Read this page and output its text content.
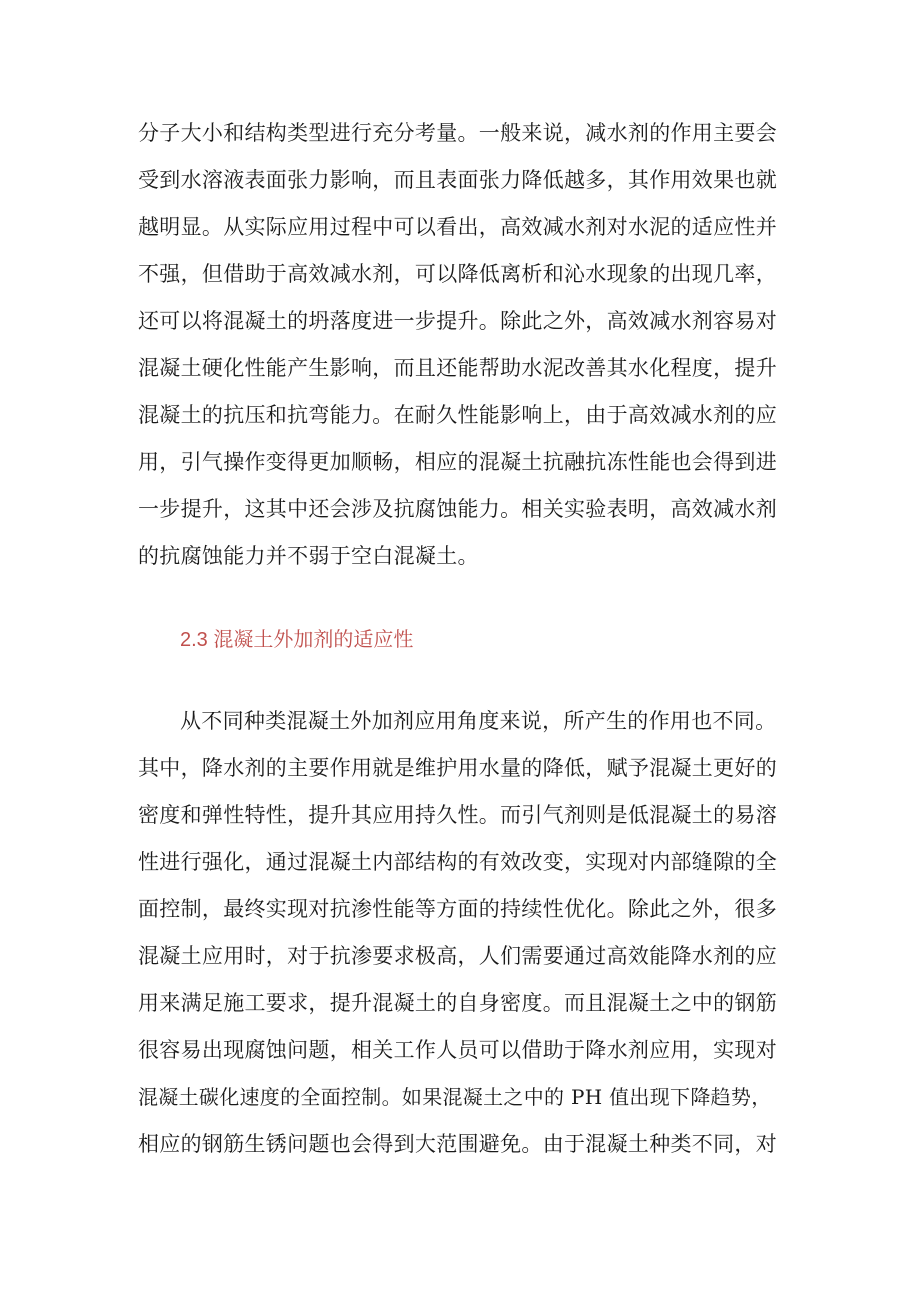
分子大小和结构类型进行充分考量。一般来说，减水剂的作用主要会
受到水溶液表面张力影响，而且表面张力降低越多，其作用效果也就
越明显。从实际应用过程中可以看出，高效减水剂对水泥的适应性并
不强，但借助于高效减水剂，可以降低离析和沁水现象的出现几率，
还可以将混凝土的坍落度进一步提升。除此之外，高效减水剂容易对
混凝土硬化性能产生影响，而且还能帮助水泥改善其水化程度，提升
混凝土的抗压和抗弯能力。在耐久性能影响上，由于高效减水剂的应
用，引气操作变得更加顺畅，相应的混凝土抗融抗冻性能也会得到进
一步提升，这其中还会涉及抗腐蚀能力。相关实验表明，高效减水剂
的抗腐蚀能力并不弱于空白混凝土。
2.3 混凝土外加剂的适应性
从不同种类混凝土外加剂应用角度来说，所产生的作用也不同。
其中，降水剂的主要作用就是维护用水量的降低，赋予混凝土更好的
密度和弹性特性，提升其应用持久性。而引气剂则是低混凝土的易溶
性进行强化，通过混凝土内部结构的有效改变，实现对内部缝隙的全
面控制，最终实现对抗渗性能等方面的持续性优化。除此之外，很多
混凝土应用时，对于抗渗要求极高，人们需要通过高效能降水剂的应
用来满足施工要求，提升混凝土的自身密度。而且混凝土之中的钢筋
很容易出现腐蚀问题，相关工作人员可以借助于降水剂应用，实现对
混凝土碳化速度的全面控制。如果混凝土之中的 PH 值出现下降趋势，
相应的钢筋生锈问题也会得到大范围避免。由于混凝土种类不同，对
